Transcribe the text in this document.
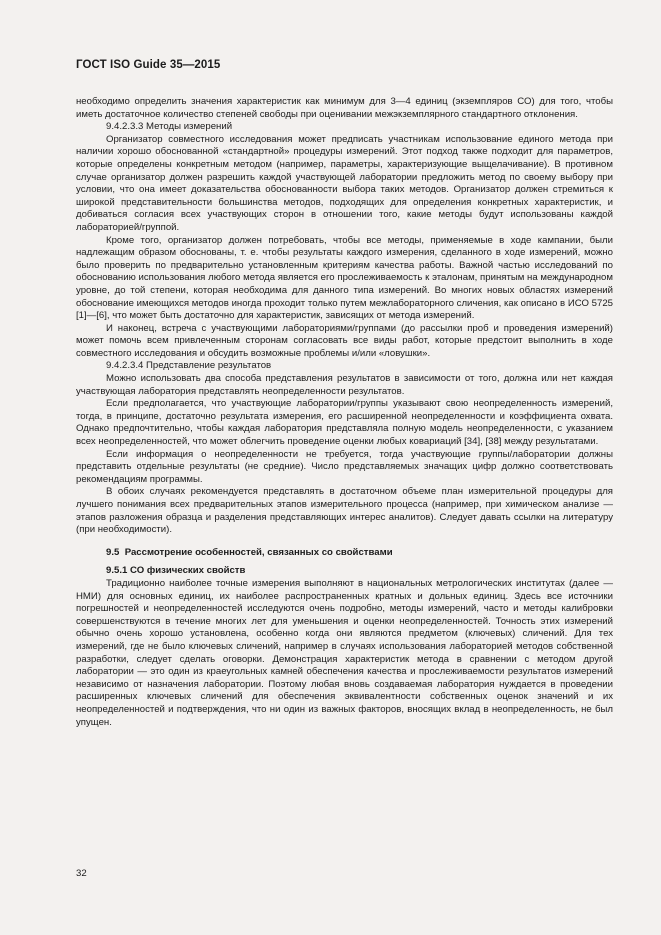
ГОСТ ISO Guide 35—2015

необходимо определить значения характеристик как минимум для 3—4 единиц (экземпляров СО) для того, чтобы иметь достаточное количество степеней свободы при оценивании межэкземплярного стандартного отклонения.

9.4.2.3.3 Методы измерений

Организатор совместного исследования может предписать участникам использование единого метода при наличии хорошо обоснованной «стандартной» процедуры измерений. Этот подход также подходит для параметров, которые определены конкретным методом (например, параметры, характеризующие выщелачивание). В противном случае организатор должен разрешить каждой участвующей лаборатории предложить метод по своему выбору при условии, что она имеет доказательства обоснованности выбора таких методов. Организатор должен стремиться к широкой представительности большинства методов, подходящих для определения конкретных характеристик, и добиваться согласия всех участвующих сторон в отношении того, какие методы будут использованы каждой лабораторией/группой.

Кроме того, организатор должен потребовать, чтобы все методы, применяемые в ходе кампании, были надлежащим образом обоснованы, т. е. чтобы результаты каждого измерения, сделанного в ходе измерений, можно было проверить по предварительно установленным критериям качества работы. Важной частью исследований по обоснованию использования любого метода является его прослеживаемость к эталонам, принятым на международном уровне, до той степени, которая необходима для данного типа измерений. Во многих новых областях измерений обоснование имеющихся методов иногда проходит только путем межлабораторного сличения, как описано в ИСО 5725 [1]—[6], что может быть достаточно для характеристик, зависящих от метода измерений.

И наконец, встреча с участвующими лабораториями/группами (до рассылки проб и проведения измерений) может помочь всем привлеченным сторонам согласовать все виды работ, которые предстоит выполнить в ходе совместного исследования и обсудить возможные проблемы и/или «ловушки».

9.4.2.3.4 Представление результатов

Можно использовать два способа представления результатов в зависимости от того, должна или нет каждая участвующая лаборатория представлять неопределенности результатов.

Если предполагается, что участвующие лаборатории/группы указывают свою неопределенность измерений, тогда, в принципе, достаточно результата измерения, его расширенной неопределенности и коэффициента охвата. Однако предпочтительно, чтобы каждая лаборатория представляла полную модель неопределенности, с указанием всех неопределенностей, что может облегчить проведение оценки любых ковариаций [34], [38] между результатами.

Если информация о неопределенности не требуется, тогда участвующие группы/лаборатории должны представить отдельные результаты (не средние). Число представляемых значащих цифр должно соответствовать рекомендациям программы.

В обоих случаях рекомендуется представлять в достаточном объеме план измерительной процедуры для лучшего понимания всех предварительных этапов измерительного процесса (например, при химическом анализе — этапов разложения образца и разделения представляющих интерес аналитов). Следует давать ссылки на литературу (при необходимости).

9.5 Рассмотрение особенностей, связанных со свойствами
9.5.1 СО физических свойств

Традиционно наиболее точные измерения выполняют в национальных метрологических институтах (далее — НМИ) для основных единиц, их наиболее распространенных кратных и дольных единиц. Здесь все источники погрешностей и неопределенностей исследуются очень подробно, методы измерений, часто и методы калибровки совершенствуются в течение многих лет для уменьшения и оценки неопределенностей. Точность этих измерений обычно очень хорошо установлена, особенно когда они являются предметом (ключевых) сличений. Для тех измерений, где не было ключевых сличений, например в случаях использования лабораторией методов собственной разработки, следует сделать оговорки. Демонстрация характеристик метода в сравнении с методом другой лаборатории — это один из краеугольных камней обеспечения качества и прослеживаемости результатов измерений независимо от назначения лаборатории. Поэтому любая вновь создаваемая лаборатория нуждается в проведении расширенных ключевых сличений для обеспечения эквивалентности собственных оценок значений и их неопределенностей и подтверждения, что ни один из важных факторов, вносящих вклад в неопределенность, не был упущен.

32
